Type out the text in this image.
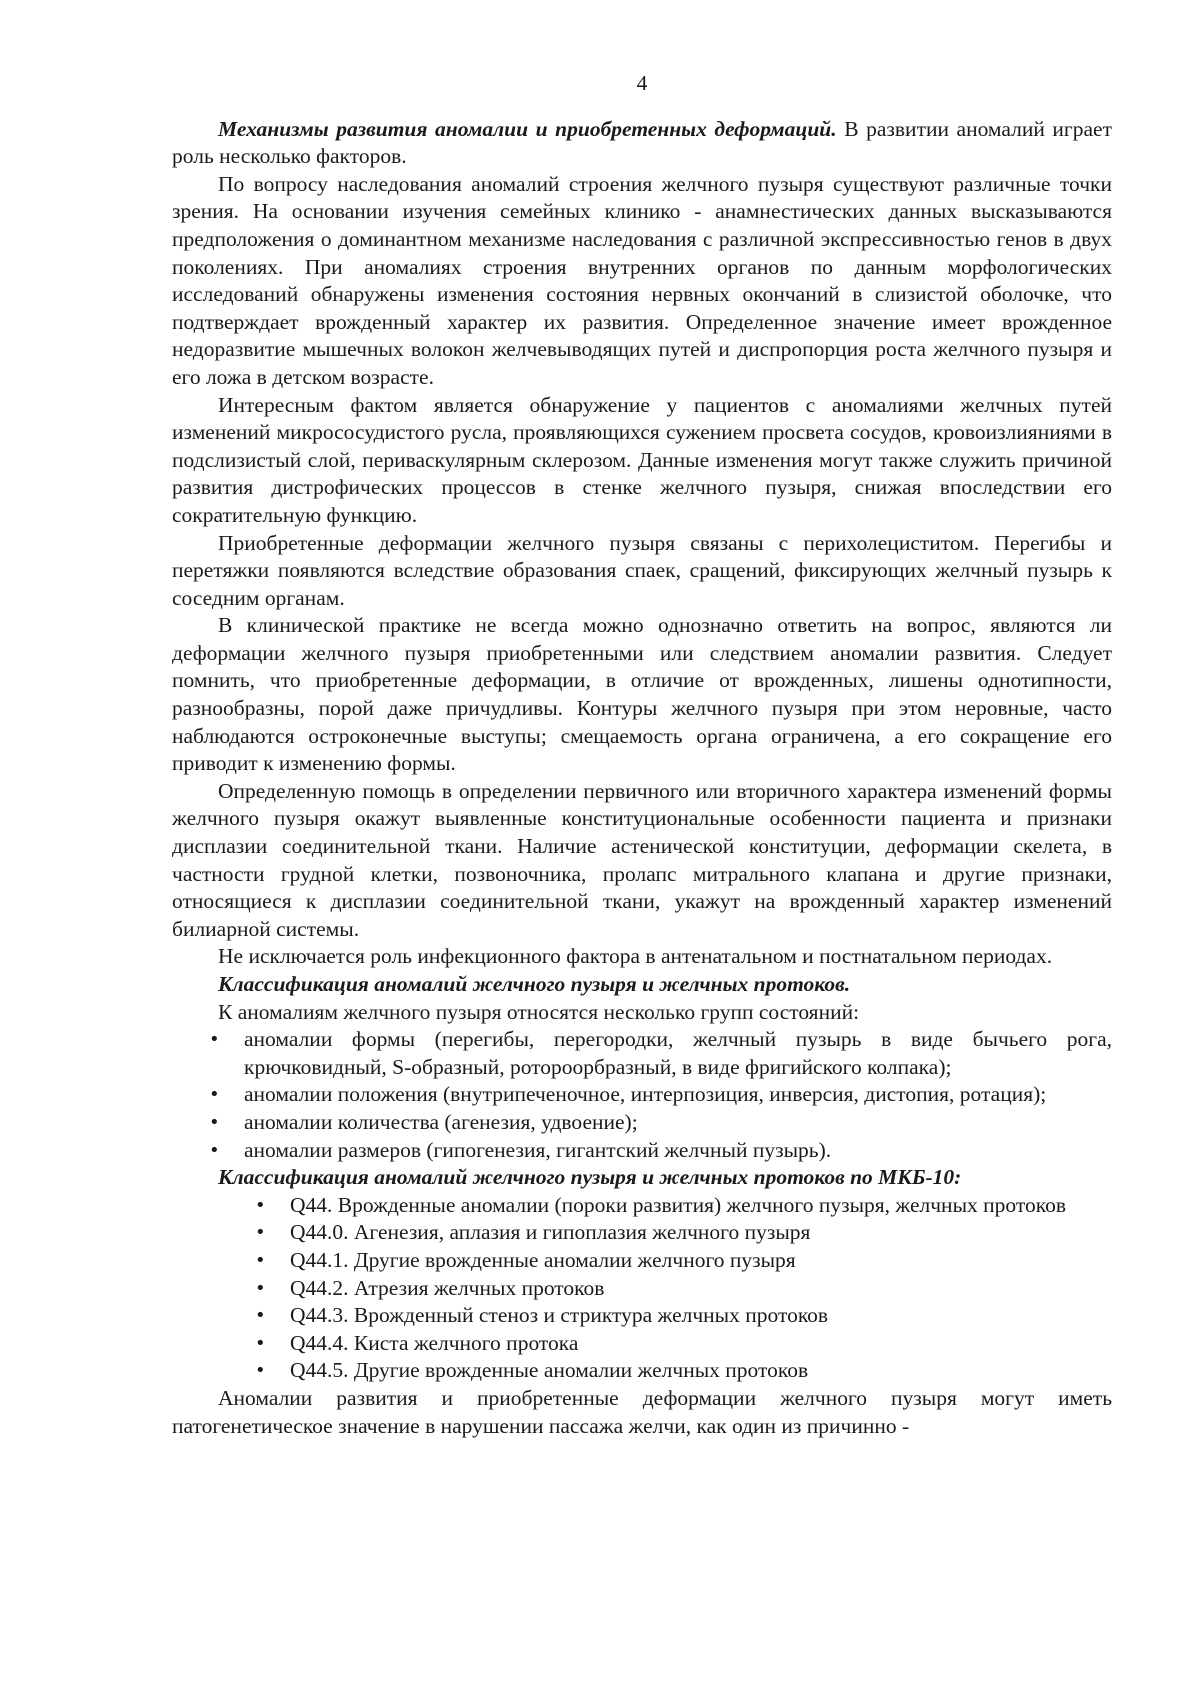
4

Механизмы развития аномалии и приобретенных деформаций. В развитии аномалий играет роль несколько факторов.

По вопросу наследования аномалий строения желчного пузыря существуют различные точки зрения. На основании изучения семейных клинико - анамнестических данных высказываются предположения о доминантном механизме наследования с различной экспрессивностью генов в двух поколениях. При аномалиях строения внутренних органов по данным морфологических исследований обнаружены изменения состояния нервных окончаний в слизистой оболочке, что подтверждает врожденный характер их развития. Определенное значение имеет врожденное недоразвитие мышечных волокон желчевыводящих путей и диспропорция роста желчного пузыря и его ложа в детском возрасте.

Интересным фактом является обнаружение у пациентов с аномалиями желчных путей изменений микрососудистого русла, проявляющихся сужением просвета сосудов, кровоизлияниями в подслизистый слой, периваскулярным склерозом. Данные изменения могут также служить причиной развития дистрофических процессов в стенке желчного пузыря, снижая впоследствии его сократительную функцию.

Приобретенные деформации желчного пузыря связаны с перихолециститом. Перегибы и перетяжки появляются вследствие образования спаек, сращений, фиксирующих желчный пузырь к соседним органам.

В клинической практике не всегда можно однозначно ответить на вопрос, являются ли деформации желчного пузыря приобретенными или следствием аномалии развития. Следует помнить, что приобретенные деформации, в отличие от врожденных, лишены однотипности, разнообразны, порой даже причудливы. Контуры желчного пузыря при этом неровные, часто наблюдаются остроконечные выступы; смещаемость органа ограничена, а его сокращение его приводит к изменению формы.

Определенную помощь в определении первичного или вторичного характера изменений формы желчного пузыря окажут выявленные конституциональные особенности пациента и признаки дисплазии соединительной ткани. Наличие астенической конституции, деформации скелета, в частности грудной клетки, позвоночника, пролапс митрального клапана и другие признаки, относящиеся к дисплазии соединительной ткани, укажут на врожденный характер изменений билиарной системы.

Не исключается роль инфекционного фактора в антенатальном и постнатальном периодах.

Классификация аномалий желчного пузыря и желчных протоков.

К аномалиям желчного пузыря относятся несколько групп состояний:

• аномалии формы (перегибы, перегородки, желчный пузырь в виде бычьего рога, крючковидный, S-образный, ротороорбразный, в виде фригийского колпака);
• аномалии положения (внутрипеченочное, интерпозиция, инверсия, дистопия, ротация);
• аномалии количества (агенезия, удвоение);
• аномалии размеров (гипогенезия, гигантский желчный пузырь).

Классификация аномалий желчного пузыря и желчных протоков по МКБ-10:

• Q44. Врожденные аномалии (пороки развития) желчного пузыря, желчных протоков
• Q44.0. Агенезия, аплазия и гипоплазия желчного пузыря
• Q44.1. Другие врожденные аномалии желчного пузыря
• Q44.2. Атрезия желчных протоков
• Q44.3. Врожденный стеноз и стриктура желчных протоков
• Q44.4. Киста желчного протока
• Q44.5. Другие врожденные аномалии желчных протоков

Аномалии развития и приобретенные деформации желчного пузыря могут иметь патогенетическое значение в нарушении пассажа желчи, как один из причинно -
